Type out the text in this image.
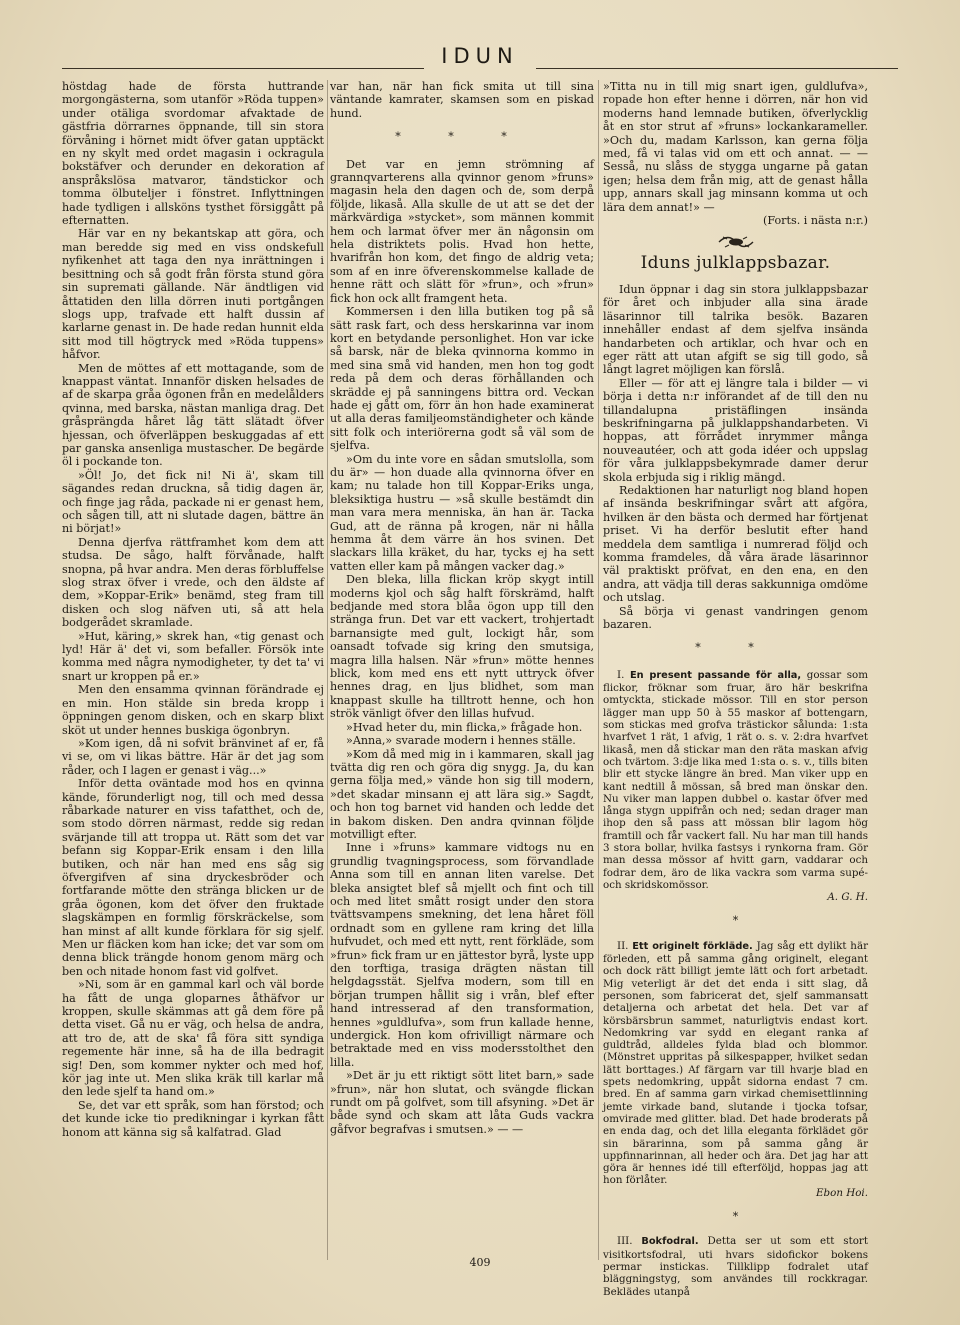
IDUN

höstdag hade de första huttrande morgongästerna, som utanför »Röda tuppen» under otäliga svordomar afvaktade de gästfria dörrarnes öppnande, till sin stora förvåning i hörnet midt öfver gatan upptäckt en ny skylt med ordet magasin i ockragula bokstäfver och derunder en dekoration af anspråkslösa matvaror, tändstickor och tomma ölbuteljer i fönstret. Inflyttningen hade tydligen i allsköns tysthet försiggått på efternatten.

Här var en ny bekantskap att göra, och man beredde sig med en viss ondskefull nyfikenhet att taga den nya inrättningen i besittning och så godt från första stund göra sin suprematі gällande. När ändtligen vid åttatiden den lilla dörren inuti portgången slogs upp, trafvade ett halft dussin af karlarne genast in. De hade redan hunnit elda sitt mod till högtryck med »Röda tuppens» håfvor.

Men de möttes af ett mottagande, som de knappast väntat. Innanför disken helsades de af de skarpa gråa ögonen från en medelålders qvinna, med barska, nästan manliga drag. Det gråsprängda håret låg tätt slätadt öfver hjessan, och öfverläppen beskuggadas af ett par ganska ansenliga mustascher. De begärde öl i pockande ton.

»Öl! Jo, det fick ni! Ni ä', skam till sägandes redan druckna, så tidig dagen är, och finge jag råda, packade ni er genast hem, och sågen till, att ni slutade dagen, bättre än ni börjat!»

Denna djerfva rättframhet kom dem att studsa. De sågo, halft förvånade, halft snopna, på hvar andra. Men deras förbluffelse slog strax öfver i vrede, och den äldste af dem, »Koppar-Erik» benämd, steg fram till disken och slog näfven uti, så att hela bodgerådet skramlade.

»Hut, käring,» skrek han, «tig genast och lyd! Här ä' det vi, som befaller. Försök inte komma med några nymodigheter, ty det ta' vi snart ur kroppen på er.»

Men den ensamma qvinnan förändrade ej en min. Hon stälde sin breda kropp i öppningen genom disken, och en skarp blixt sköt ut under hennes buskiga ögonbryn.

»Kom igen, då ni sofvit bränvinet af er, få vi se, om vi likas bättre. Här är det jag som råder, och I lagen er genast i väg...»

Inför detta oväntade mod hos en qvinna kände, förunderligt nog, till och med dessa råbarkade naturer en viss tafatthet, och de, som stodo dörren närmast, redde sig redan svärjande till att troppa ut. Rätt som det var befann sig Koppar-Erik ensam i den lilla butiken, och när han med ens såg sig öfvergifven af sina dryckesbröder och fortfarande mötte den stränga blicken ur de gråa ögonen, kom det öfver den fruktade slagskämpen en formlig förskräckelse, som han minst af allt kunde förklara för sig sjelf. Men ur fläcken kom han icke; det var som om denna blick trängde honom genom märg och ben och nitade honom fast vid golfvet.

»Ni, som är en gammal karl och väl borde ha fått de unga gloparnes åthäfvor ur kroppen, skulle skämmas att gå dem före på detta viset. Gå nu er väg, och helsa de andra, att tro de, att de ska' få föra sitt syndiga regemente här inne, så ha de illa bedragit sig! Den, som kommer nykter och med hof, kör jag inte ut. Men slika kräk till karlar må den lede sjelf ta hand om.»

Se, det var ett språk, som han förstod; och det kunde icke tio predikningar i kyrkan fått honom att känna sig så kalfatrad. Glad

var han, när han fick smita ut till sina väntande kamrater, skamsen som en piskad hund.

* * *

Det var en jemn strömning af grannqvarterens alla qvinnor genom »fruns» magasin hela den dagen och de, som derpå följde, likaså. Alla skulle de ut att se det der märkvärdiga »stycket», som männen kommit hem och larmat öfver mer än någonsin om hela distriktets polis. Hvad hon hette, hvarifrån hon kom, det fingo de aldrig veta; som af en inre öfverenskommelse kallade de henne rätt och slätt för »frun», och »frun» fick hon ock allt framgent heta.

Kommersen i den lilla butiken tog på så sätt rask fart, och dess herskarinna var inom kort en betydande personlighet. Hon var icke så barsk, när de bleka qvinnorna kommo in med sina små vid handen, men hon tog godt reda på dem och deras förhållanden och skrädde ej på sanningens bittra ord. Veckan hade ej gått om, förr än hon hade examinerat ut alla deras familjeomständigheter och kände sitt folk och interiörerna godt så väl som de sjelfva.

»Om du inte vore en sådan smutslolla, som du är» — hon duade alla qvinnorna öfver en kam; nu talade hon till Koppar-Eriks unga, bleksiktiga hustru — »så skulle bestämdt din man vara mera menniska, än han är. Tacka Gud, att de ränna på krogen, när ni hålla hemma åt dem värre än hos svinen. Det slackars lilla kräket, du har, tycks ej ha sett vatten eller kam på mången vacker dag.»

Den bleka, lilla flickan kröp skygt intill moderns kjol och såg halft förskrämd, halft bedjande med stora blåa ögon upp till den stränga frun. Det var ett vackert, trohjertadt barnansigte med gult, lockigt hår, som oansadt tofvade sig kring den smutsiga, magra lilla halsen. När »frun» mötte hennes blick, kom med ens ett nytt uttryck öfver hennes drag, en ljus blidhet, som man knappast skulle ha tilltrott henne, och hon strök vänligt öfver den lillas hufvud.

»Hvad heter du, min flicka,» frågade hon.

»Anna,» svarade modern i hennes ställe.

»Kom då med mig in i kammaren, skall jag tvätta dig ren och göra dig snygg. Ja, du kan gerna följa med,» vände hon sig till modern, »det skadar minsann ej att lära sig.» Sagdt, och hon tog barnet vid handen och ledde det in bakom disken. Den andra qvinnan följde motvilligt efter.

Inne i »fruns» kammare vidtogs nu en grundlig tvagningsprocess, som förvandlade Anna som till en annan liten varelse. Det bleka ansigtet blef så mjellt och fint och till och med litet smått rosigt under den stora tvättsvampens smekning, det lena håret föll ordnadt som en gyllene ram kring det lilla hufvudet, och med ett nytt, rent förkläde, som »frun» fick fram ur en jättestor byrå, lyste upp den torftiga, trasiga drägten nästan till helgdagsstät. Sjelfva modern, som till en början trumpen hållit sig i vrån, blef efter hand intresserad af den transformation, hennes »guldlufva», som frun kallade henne, undergick. Hon kom ofrivilligt närmare och betraktade med en viss modersstolthet den lilla.

»Det är ju ett riktigt sött litet barn,» sade »frun», när hon slutat, och svängde flickan rundt om på golfvet, som till afsyning. »Det är både synd och skam att låta Guds vackra gåfvor begrafvas i smutsen.» — —

»Titta nu in till mig snart igen, guldlufva», ropade hon efter henne i dörren, när hon vid moderns hand lemnade butiken, öfverlycklig åt en stor strut af »fruns» lockankarameller. »Och du, madam Karlsson, kan gerna följa med, få vi talas vid om ett och annat. — — Sesså, nu slåss de stygga ungarne på gatan igen; helsa dem från mig, att de genast hålla upp, annars skall jag minsann komma ut och lära dem annat!» —

(Forts. i nästa n:r.)

Iduns julklappsbazar.

Idun öppnar i dag sin stora julklappsbazar för året och inbjuder alla sina ärade läsarinnor till talrika besök. Bazaren innehåller endast af dem sjelfva insända handarbeten och artiklar, och hvar och en eger rätt att utan afgift se sig till godo, så långt lagret möjligen kan förslå.

Eller — för att ej längre tala i bilder — vi börja i detta n:r införandet af de till den nu tillandalupna pristäflingen insända beskrifningarna på julklappshandarbeten. Vi hoppas, att förrådet inrymmer många nouveautéer, och att goda idéer och uppslag för våra julklappsbekymrade damer derur skola erbjuda sig i riklig mängd.

Redaktionen har naturligt nog bland hopen af insända beskrifningar svårt att afgöra, hvilken är den bästa och dermed har förtjenat priset. Vi ha derför beslutit efter hand meddela dem samtliga i numrerad följd och komma framdeles, då våra ärade läsarinnor väl praktiskt pröfvat, en den ena, en den andra, att vädja till deras sakkunniga omdöme och utslag.

Så börja vi genast vandringen genom bazaren.

* *

I. En present passande för alla, gossar som flickor, fröknar som fruar, äro här beskrifna omtyckta, stickade mössor. Till en stor person lägger man upp 50 à 55 maskor af bottengarn, som stickas med grofva trästickor sålunda: 1:sta hvarfvet 1 rät, 1 afvig, 1 rät o. s. v. 2:dra hvarfvet likaså, men då stickar man den räta maskan afvig och tvärtom. 3:dje lika med 1:sta o. s. v., tills biten blir ett stycke längre än bred. Man viker upp en kant nedtill å mössan, så bred man önskar den. Nu viker man lappen dubbel o. kastar öfver med långa stygn uppifrån och ned; sedan drager man ihop den så pass att mössan blir lagom hög framtill och får vackert fall. Nu har man till hands 3 stora bollar, hvilka fastsys i rynkorna fram. Gör man dessa mössor af hvitt garn, vaddarar och fodrar dem, äro de lika vackra som varma supé- och skridskomössor.

A. G. H.

*

II. Ett originelt förkläde. Jag såg ett dylikt här förleden, ett på samma gång originelt, elegant och dock rätt billigt jemte lätt och fort arbetadt. Mig veterligt är det det enda i sitt slag, då personen, som fabricerat det, sjelf sammansatt detaljerna och arbetat det hela. Det var af körsbärsbrun sammet, naturligtvis endast kort. Nedomkring var sydd en elegant ranka af guldtråd, alldeles fylda blad och blommor. (Mönstret uppritas på silkespapper, hvilket sedan lätt borttages.) Af färgarn var till hvarje blad en spets nedomkring, uppåt sidorna endast 7 cm. bred. En af samma garn virkad chemisettlinning jemte virkade band, slutande i tjocka tofsar, omvirade med glitter. blad. Det hade broderats på en enda dag, och det lilla eleganta förklädet gör sin bärarinna, som på samma gång är uppfinnarinnan, all heder och ära. Det jag har att göra är hennes idé till efterföljd, hoppas jag att hon förlåter.

Ebon Hoi.

*

III. Bokfodral. Detta ser ut som ett stort visitkortsfodral, uti hvars sidofickor bokens permar instickas. Tillklipp fodralet utaf bläggningstyg, som användes till rockkragar. Beklädes utanpå

409
